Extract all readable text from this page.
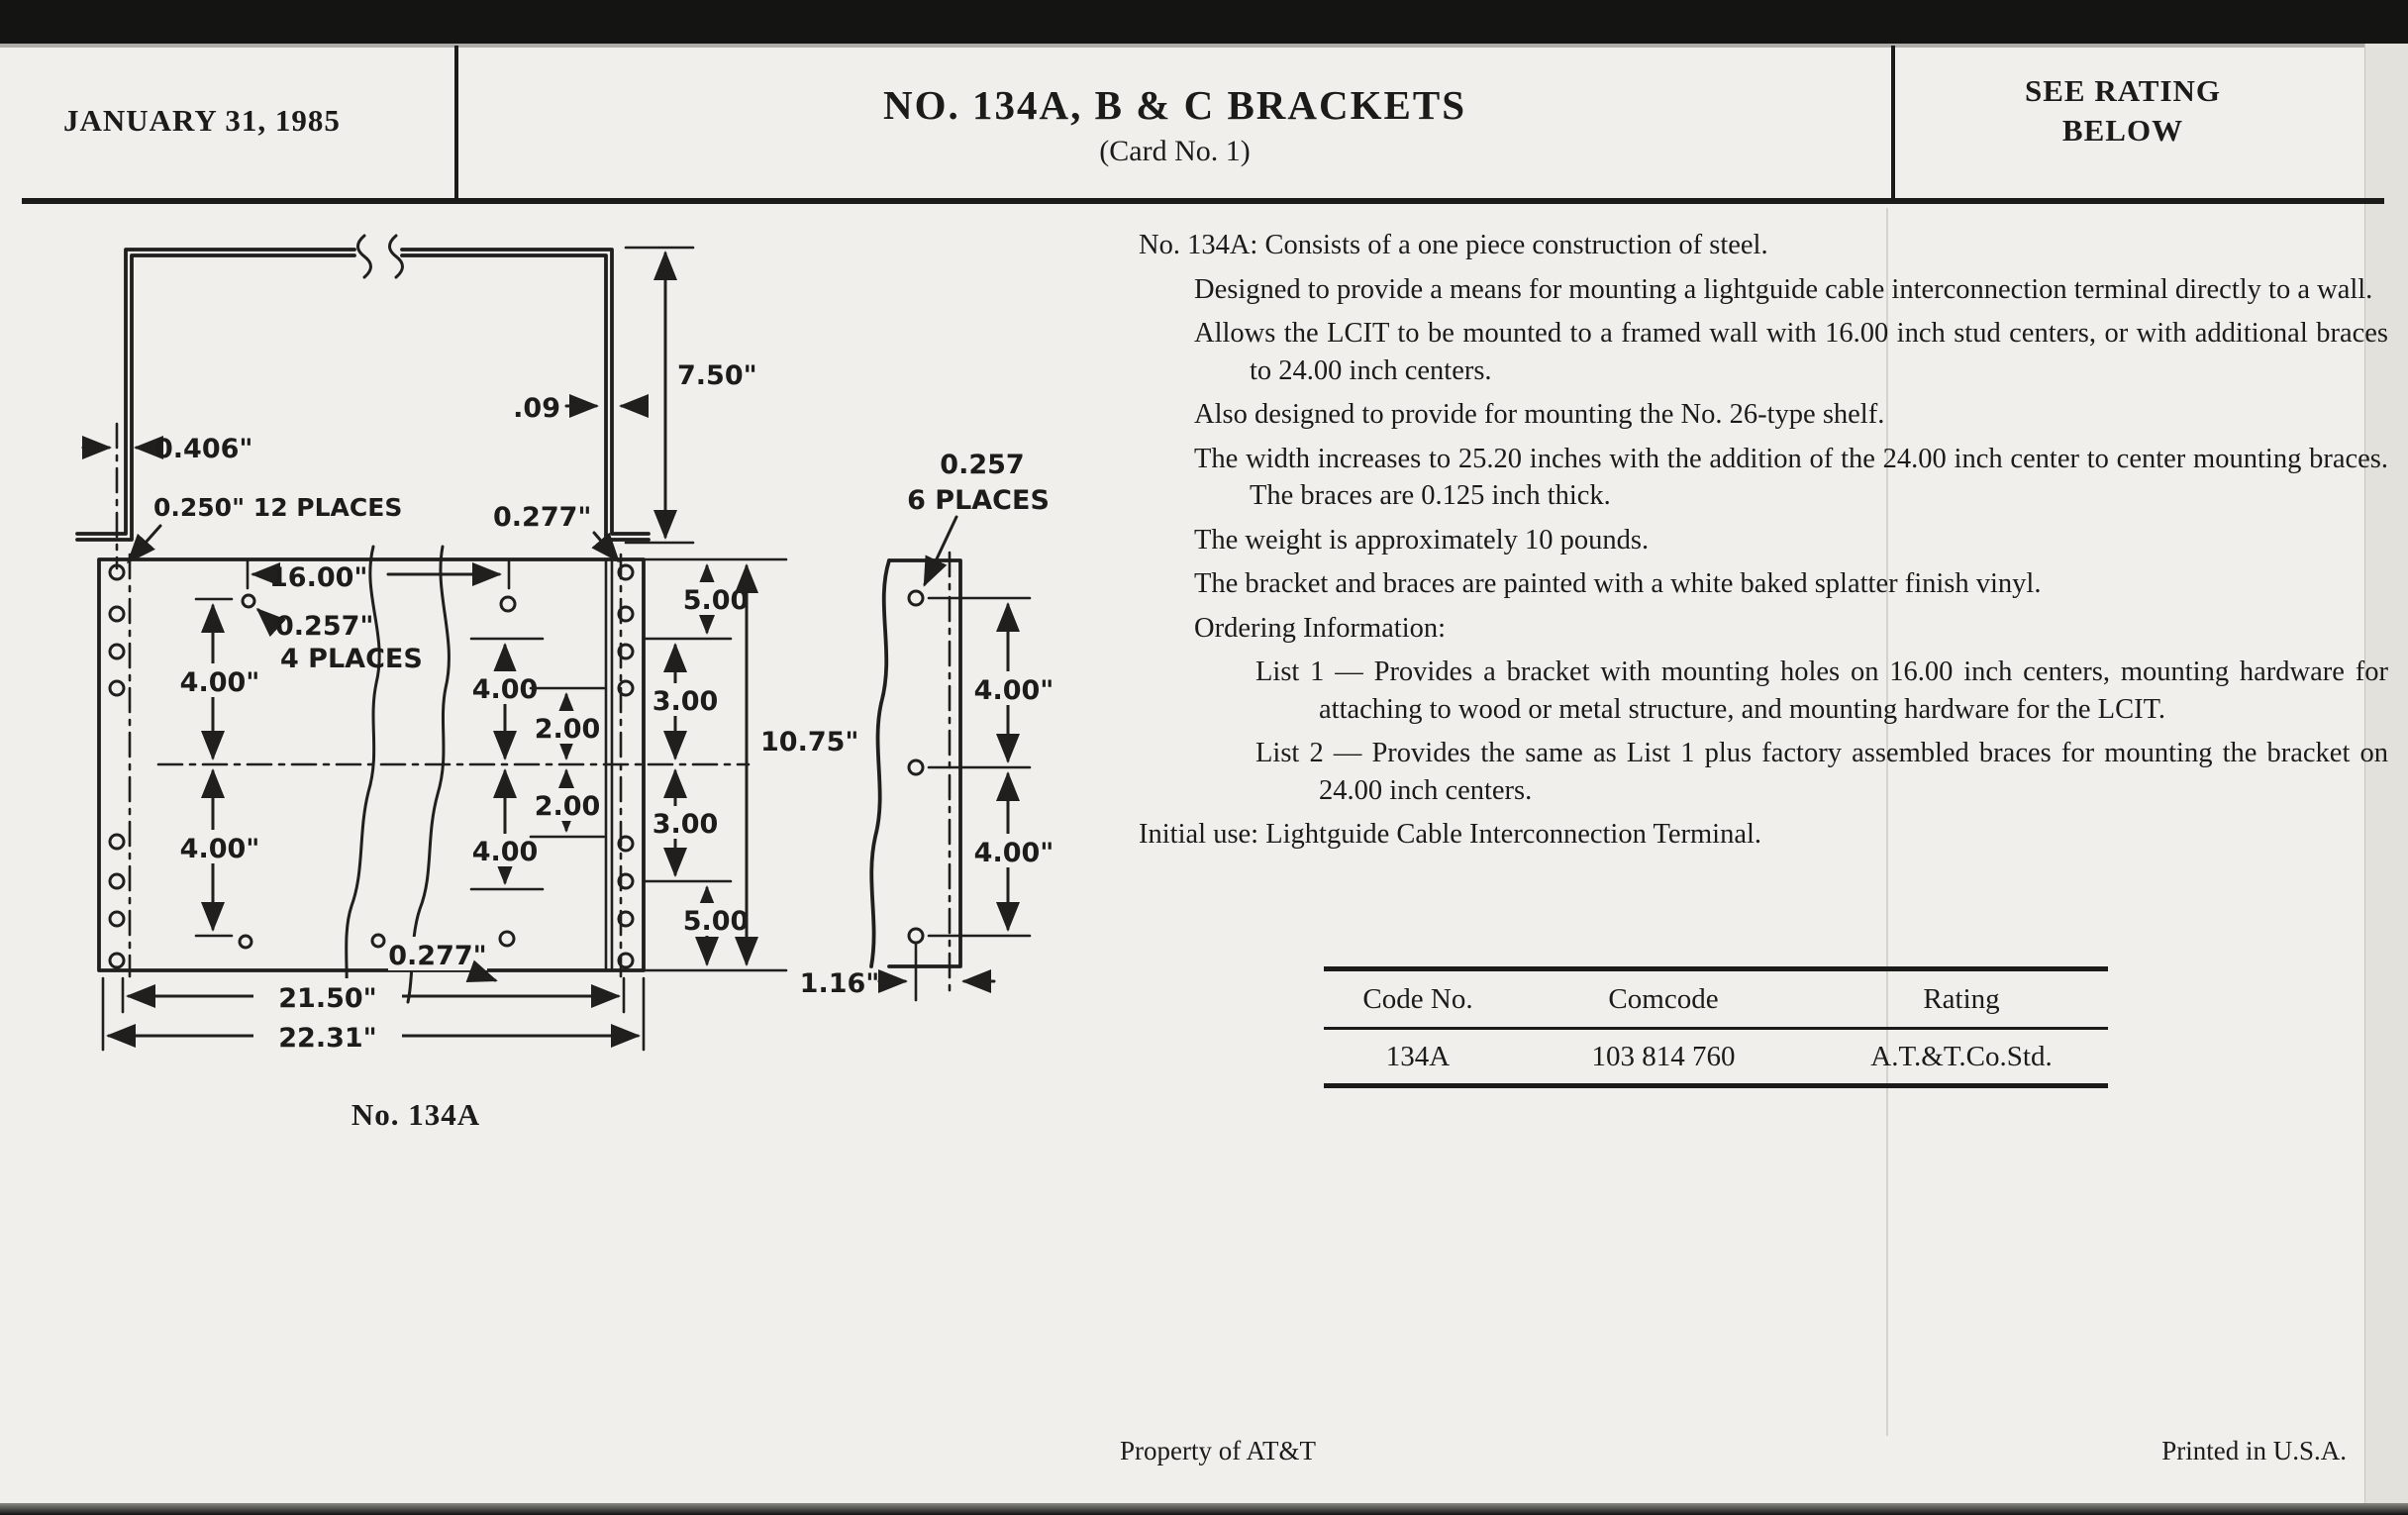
JANUARY 31, 1985	NO. 134A, B & C BRACKETS
(Card No. 1)
SEE RATING
BELOW

No. 134A: Consists of a one piece construction of steel.

Designed to provide a means for mounting a lightguide cable interconnection terminal directly to a wall.

Allows the LCIT to be mounted to a framed wall with 16.00 inch stud centers, or with additional braces to 24.00 inch centers.

Also designed to provide for mounting the No. 26-type shelf.

The width increases to 25.20 inches with the addition of the 24.00 inch center to center mounting braces. The braces are 0.125 inch thick.

The weight is approximately 10 pounds.

The bracket and braces are painted with a white baked splatter finish vinyl.

Ordering Information:

List 1 — Provides a bracket with mounting holes on 16.00 inch centers, mounting hardware for attaching to wood or metal structure, and mounting hardware for the LCIT.

List 2 — Provides the same as List 1 plus factory assembled braces for mounting the bracket on 24.00 inch centers.

Initial use: Lightguide Cable Interconnection Terminal.

Code No.	Comcode	Rating
134A	103 814 760	A.T.&T.Co.Std.
Property of AT&T	Printed in U.S.A.
7.50"
.09
0.406"
0.250" 12 PLACES	0.277"
16.00"
0.257"
4 PLACES
4.00"
4.00"
4.00
4.00
2.00
2.00
0.277"
3.00
3.00
5.00
5.00
10.75"
0.257
6 PLACES
4.00"
4.00"
1.16"
21.50"
22.31"
No. 134A
